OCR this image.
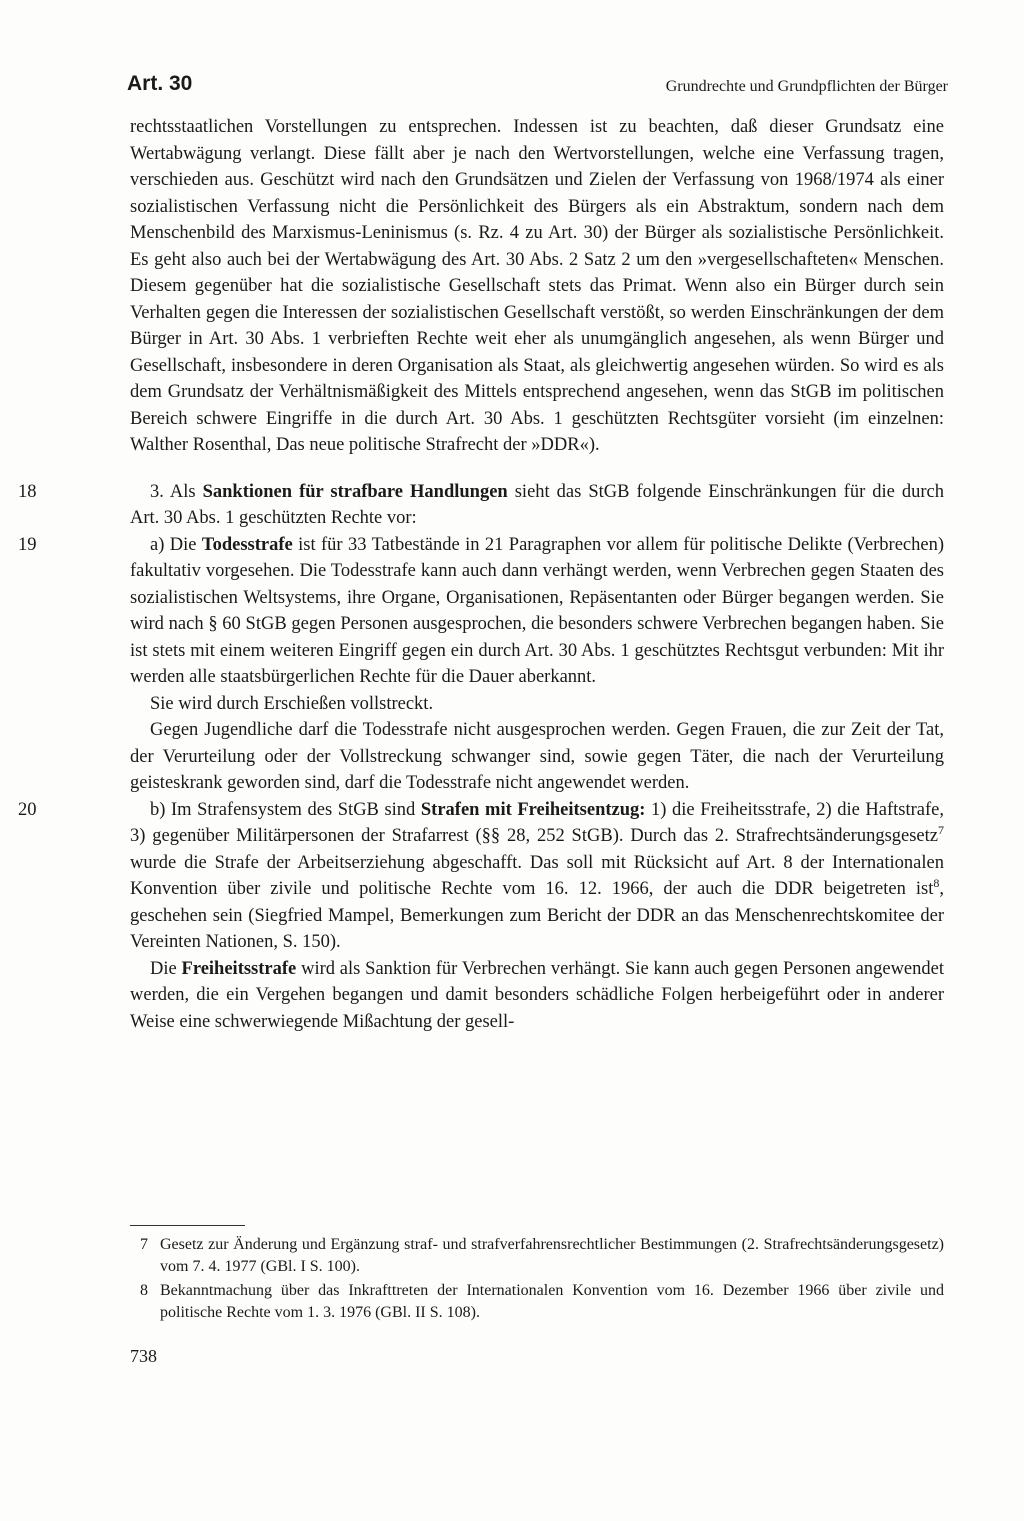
Art. 30	Grundrechte und Grundpflichten der Bürger

rechtsstaatlichen Vorstellungen zu entsprechen. Indessen ist zu beachten, daß dieser Grundsatz eine Wertabwägung verlangt. Diese fällt aber je nach den Wertvorstellungen, welche eine Verfassung tragen, verschieden aus. Geschützt wird nach den Grundsätzen und Zielen der Verfassung von 1968/1974 als einer sozialistischen Verfassung nicht die Persönlichkeit des Bürgers als ein Abstraktum, sondern nach dem Menschenbild des Marxismus-Leninismus (s. Rz. 4 zu Art. 30) der Bürger als sozialistische Persönlichkeit. Es geht also auch bei der Wertabwägung des Art. 30 Abs. 2 Satz 2 um den »vergesellschafteten« Menschen. Diesem gegenüber hat die sozialistische Gesellschaft stets das Primat. Wenn also ein Bürger durch sein Verhalten gegen die Interessen der sozialistischen Gesellschaft verstößt, so werden Einschränkungen der dem Bürger in Art. 30 Abs. 1 verbrieften Rechte weit eher als unumgänglich angesehen, als wenn Bürger und Gesellschaft, insbesondere in deren Organisation als Staat, als gleichwertig angesehen würden. So wird es als dem Grundsatz der Verhältnismäßigkeit des Mittels entsprechend angesehen, wenn das StGB im politischen Bereich schwere Eingriffe in die durch Art. 30 Abs. 1 geschützten Rechtsgüter vorsieht (im einzelnen: Walther Rosenthal, Das neue politische Strafrecht der »DDR«).

18	3. Als Sanktionen für strafbare Handlungen sieht das StGB folgende Einschränkungen für die durch Art. 30 Abs. 1 geschützten Rechte vor:

19	a) Die Todesstrafe ist für 33 Tatbestände in 21 Paragraphen vor allem für politische Delikte (Verbrechen) fakultativ vorgesehen. Die Todesstrafe kann auch dann verhängt werden, wenn Verbrechen gegen Staaten des sozialistischen Weltsystems, ihre Organe, Organisationen, Repäsentanten oder Bürger begangen werden. Sie wird nach § 60 StGB gegen Personen ausgesprochen, die besonders schwere Verbrechen begangen haben. Sie ist stets mit einem weiteren Eingriff gegen ein durch Art. 30 Abs. 1 geschütztes Rechtsgut verbunden: Mit ihr werden alle staatsbürgerlichen Rechte für die Dauer aberkannt.

Sie wird durch Erschießen vollstreckt.

Gegen Jugendliche darf die Todesstrafe nicht ausgesprochen werden. Gegen Frauen, die zur Zeit der Tat, der Verurteilung oder der Vollstreckung schwanger sind, sowie gegen Täter, die nach der Verurteilung geisteskrank geworden sind, darf die Todesstrafe nicht angewendet werden.

20	b) Im Strafensystem des StGB sind Strafen mit Freiheitsentzug: 1) die Freiheitsstrafe, 2) die Haftstrafe, 3) gegenüber Militärpersonen der Strafarrest (§§ 28, 252 StGB). Durch das 2. Strafrechtsänderungsgesetz$^7$ wurde die Strafe der Arbeitserziehung abgeschafft. Das soll mit Rücksicht auf Art. 8 der Internationalen Konvention über zivile und politische Rechte vom 16. 12. 1966, der auch die DDR beigetreten ist$^8$, geschehen sein (Siegfried Mampel, Bemerkungen zum Bericht der DDR an das Menschenrechtskomitee der Vereinten Nationen, S. 150).

Die Freiheitsstrafe wird als Sanktion für Verbrechen verhängt. Sie kann auch gegen Personen angewendet werden, die ein Vergehen begangen und damit besonders schädliche Folgen herbeigeführt oder in anderer Weise eine schwerwiegende Mißachtung der gesell-

7 Gesetz zur Änderung und Ergänzung straf- und strafverfahrensrechtlicher Bestimmungen (2. Strafrechtsänderungsgesetz) vom 7. 4. 1977 (GBl. I S. 100).
8 Bekanntmachung über das Inkrafttreten der Internationalen Konvention vom 16. Dezember 1966 über zivile und politische Rechte vom 1. 3. 1976 (GBl. II S. 108).

738
